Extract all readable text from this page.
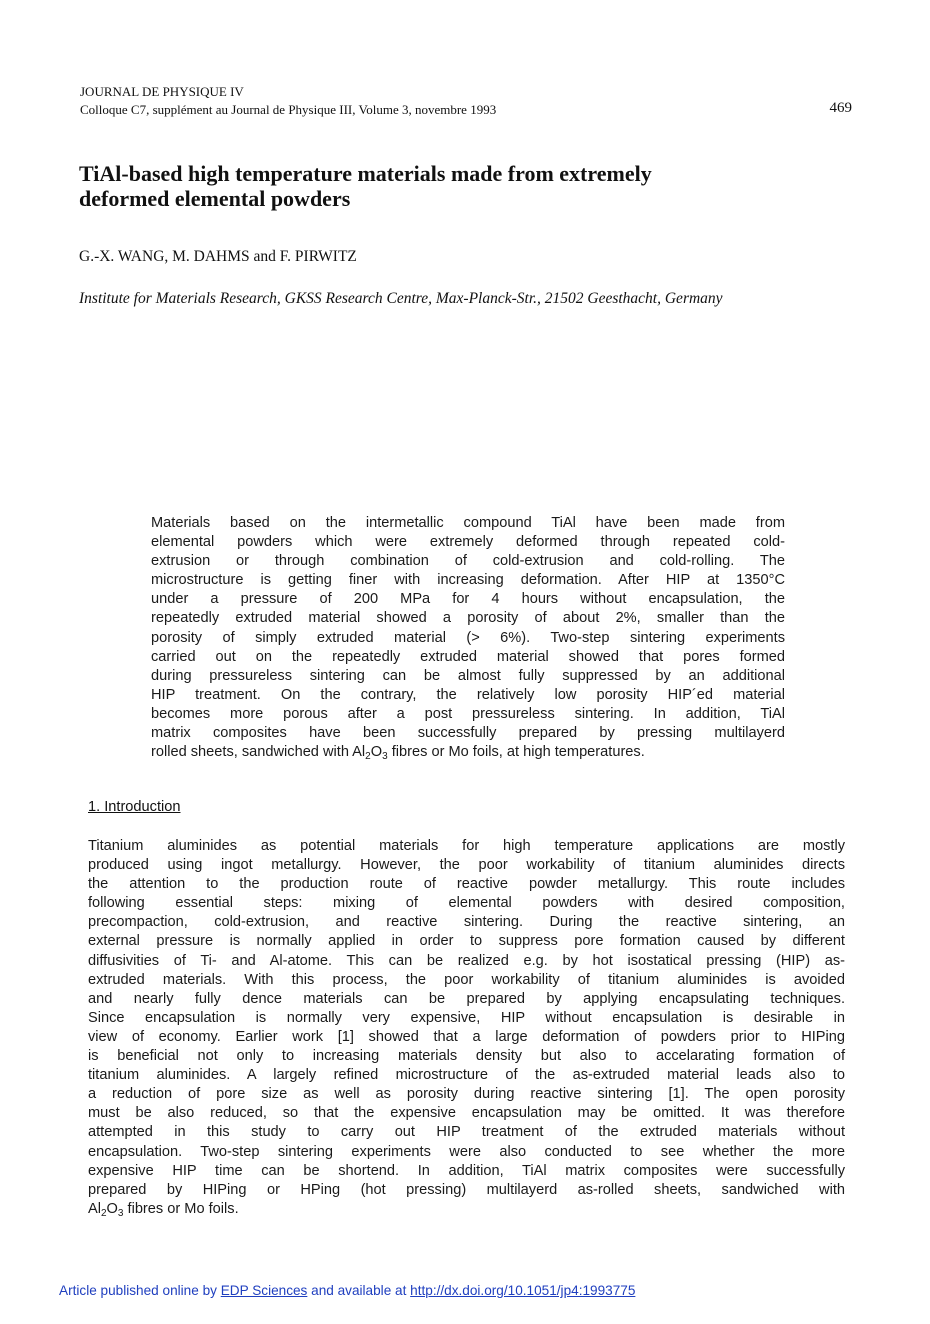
JOURNAL DE PHYSIQUE IV
Colloque C7, supplément au Journal de Physique III, Volume 3, novembre 1993	469
TiAl-based high temperature materials made from extremely
deformed elemental powders
G.-X. WANG, M. DAHMS and F. PIRWITZ
Institute for Materials Research, GKSS Research Centre, Max-Planck-Str., 21502 Geesthacht, Germany
Materials based on the intermetallic compound TiAl have been made from
elemental powders which were extremely deformed through repeated cold-
extrusion or through combination of cold-extrusion and cold-rolling. The
microstructure is getting finer with increasing deformation. After HIP at 1350°C
under a pressure of 200 MPa for 4 hours without encapsulation, the
repeatedly extruded material showed a porosity of about 2%, smaller than the
porosity of simply extruded material (> 6%). Two-step sintering experiments
carried out on the repeatedly extruded material showed that pores formed
during pressureless sintering can be almost fully suppressed by an additional
HIP treatment. On the contrary, the relatively low porosity HIP´ed material
becomes more porous after a post pressureless sintering. In addition, TiAl
matrix composites have been successfully prepared by pressing multilayerd
rolled sheets, sandwiched with $Al_2O_3$ fibres or Mo foils, at high temperatures.
1. Introduction
Titanium aluminides as potential materials for high temperature applications are mostly
produced using ingot metallurgy. However, the poor workability of titanium aluminides directs
the attention to the production route of reactive powder metallurgy. This route includes
following essential steps: mixing of elemental powders with desired composition,
precompaction, cold-extrusion, and reactive sintering. During the reactive sintering, an
external pressure is normally applied in order to suppress pore formation caused by different
diffusivities of Ti- and Al-atome. This can be realized e.g. by hot isostatical pressing (HIP) as-
extruded materials. With this process, the poor workability of titanium aluminides is avoided
and nearly fully dence materials can be prepared by applying encapsulating techniques.
Since encapsulation is normally very expensive, HIP without encapsulation is desirable in
view of economy. Earlier work [1] showed that a large deformation of powders prior to HIPing
is beneficial not only to increasing materials density but also to accelarating formation of
titanium aluminides. A largely refined microstructure of the as-extruded material leads also to
a reduction of pore size as well as porosity during reactive sintering [1]. The open porosity
must be also reduced, so that the expensive encapsulation may be omitted. It was therefore
attempted in this study to carry out HIP treatment of the extruded materials without
encapsulation. Two-step sintering experiments were also conducted to see whether the more
expensive HIP time can be shortend. In addition, TiAl matrix composites were successfully
prepared by HIPing or HPing (hot pressing) multilayerd as-rolled sheets, sandwiched with
$Al_2O_3$ fibres or Mo foils.
Article published online by EDP Sciences and available at http://dx.doi.org/10.1051/jp4:1993775
